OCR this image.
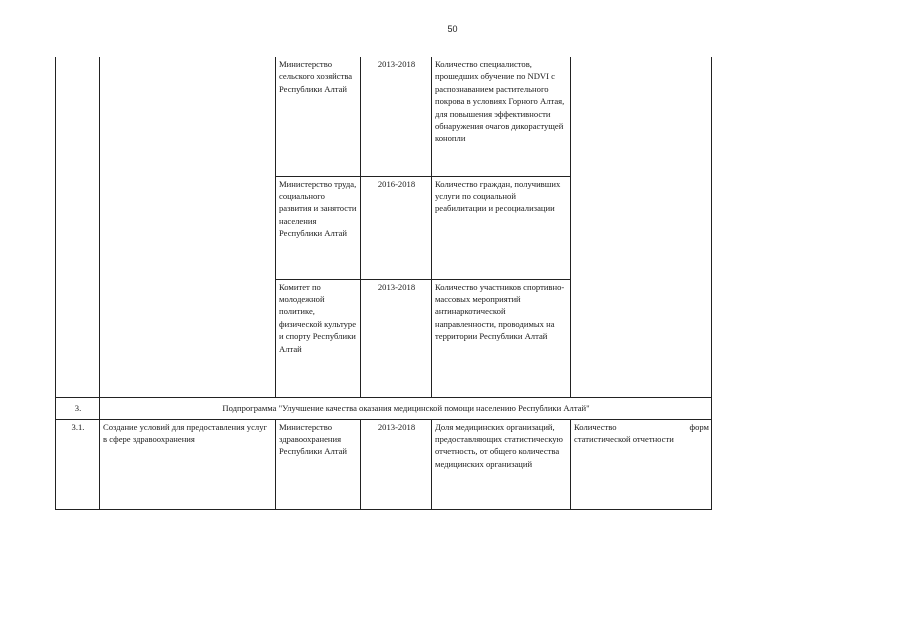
50
		Министерство сельского хозяйства Республики Алтай	2013-2018	Количество специалистов, прошедших обучение по NDVI с распознаванием растительного покрова в условиях Горного Алтая, для повышения эффективности обнаружения очагов дикорастущей конопли	
		Министерство труда, социального развития и занятости населения Республики Алтай	2016-2018	Количество граждан, получивших услуги по социальной реабилитации и ресоциализации	
		Комитет по молодежной политике, физической культуре и спорту Республики Алтай	2013-2018	Количество участников спортивно-массовых мероприятий антинаркотической направленности, проводимых на территории Республики Алтай	
3.	Подпрограмма "Улучшение качества оказания медицинской помощи населению Республики Алтай"				
3.1.	Создание условий для предоставления услуг в сфере здравоохранения	Министерство здравоохранения Республики Алтай	2013-2018	Доля медицинских организаций, предоставляющих статистическую отчетность, от общего количества медицинских организаций	Количество форм
статистической отчетности
